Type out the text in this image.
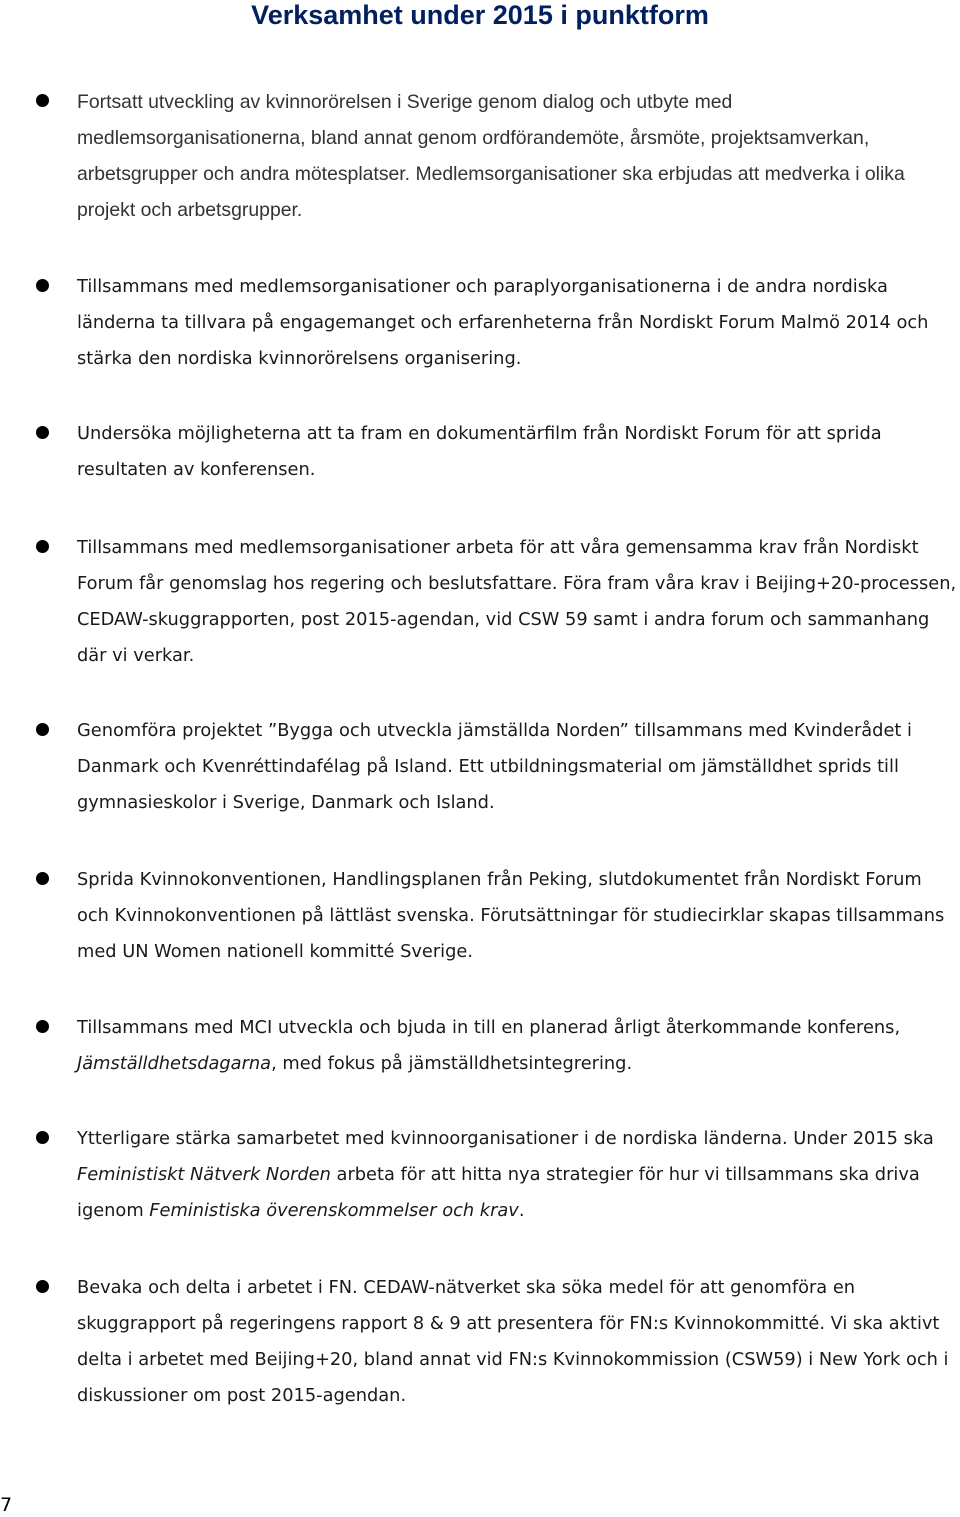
Verksamhet under 2015 i punktform

Fortsatt utveckling av kvinnorörelsen i Sverige genom dialog och utbyte med medlemsorganisationerna, bland annat genom ordförandemöte, årsmöte, projektsamverkan, arbetsgrupper och andra mötesplatser. Medlemsorganisationer ska erbjudas att medverka i olika projekt och arbetsgrupper.

Tillsammans med medlemsorganisationer och paraplyorganisationerna i de andra nordiska länderna ta tillvara på engagemanget och erfarenheterna från Nordiskt Forum Malmö 2014 och stärka den nordiska kvinnorörelsens organisering.

Undersöka möjligheterna att ta fram en dokumentärfilm från Nordiskt Forum för att sprida resultaten av konferensen.

Tillsammans med medlemsorganisationer arbeta för att våra gemensamma krav från Nordiskt Forum får genomslag hos regering och beslutsfattare. Föra fram våra krav i Beijing+20-processen, CEDAW-skuggrapporten, post 2015-agendan, vid CSW 59 samt i andra forum och sammanhang där vi verkar.

Genomföra projektet ”Bygga och utveckla jämställda Norden” tillsammans med Kvinderådet i Danmark och Kvenréttindafélag på Island. Ett utbildningsmaterial om jämställdhet sprids till gymnasieskolor i Sverige, Danmark och Island.

Sprida Kvinnokonventionen, Handlingsplanen från Peking, slutdokumentet från Nordiskt Forum och Kvinnokonventionen på lättläst svenska. Förutsättningar för studiecirklar skapas tillsammans med UN Women nationell kommitté Sverige.

Tillsammans med MCI utveckla och bjuda in till en planerad årligt återkommande konferens, Jämställdhetsdagarna, med fokus på jämställdhetsintegrering.

Ytterligare stärka samarbetet med kvinnoorganisationer i de nordiska länderna. Under 2015 ska Feministiskt Nätverk Norden arbeta för att hitta nya strategier för hur vi tillsammans ska driva igenom Feministiska överenskommelser och krav.

Bevaka och delta i arbetet i FN. CEDAW-nätverket ska söka medel för att genomföra en skuggrapport på regeringens rapport 8 & 9 att presentera för FN:s Kvinnokommitté. Vi ska aktivt delta i arbetet med Beijing+20, bland annat vid FN:s Kvinnokommission (CSW59) i New York och i diskussioner om post 2015-agendan.

7
